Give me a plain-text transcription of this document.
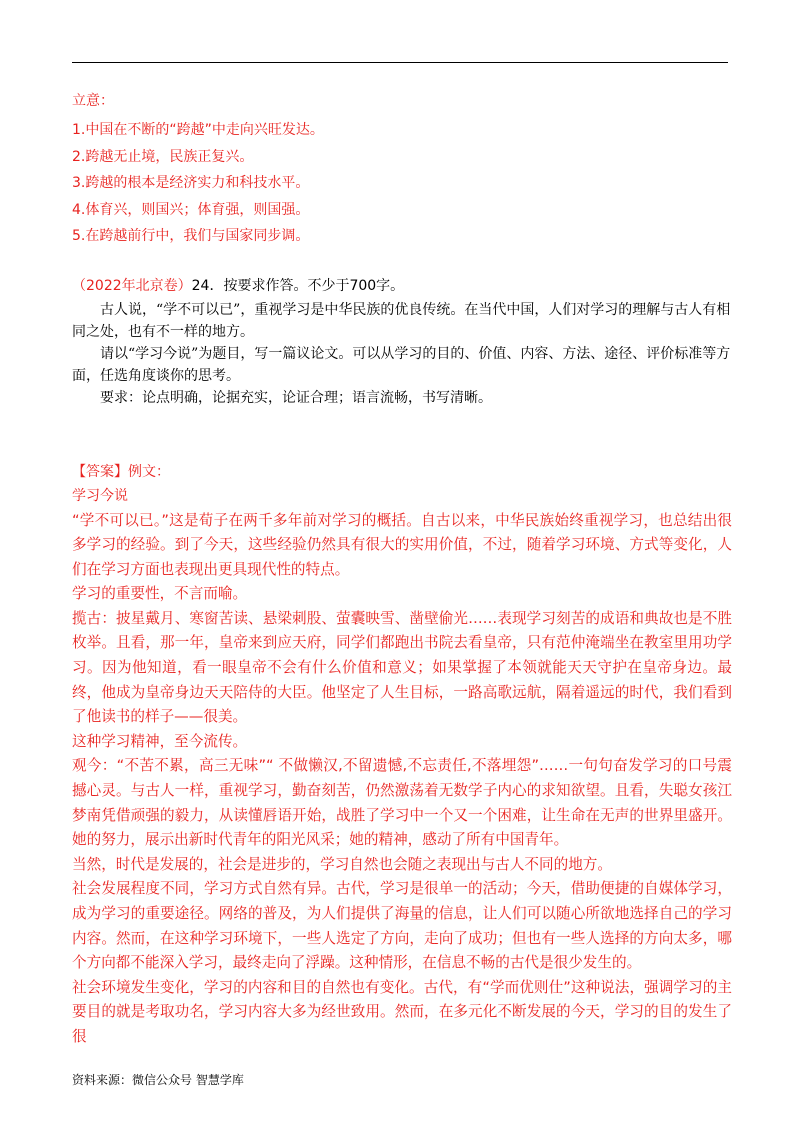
立意：
1.中国在不断的“跨越”中走向兴旺发达。
2.跨越无止境，民族正复兴。
3.跨越的根本是经济实力和科技水平。
4.体育兴，则国兴；体育强，则国强。
5.在跨越前行中，我们与国家同步调。
（2022年北京卷）24．按要求作答。不少于700字。
古人说，“学不可以已”，重视学习是中华民族的优良传统。在当代中国，人们对学习的理解与古人有相同之处，也有不一样的地方。
请以“学习今说”为题目，写一篇议论文。可以从学习的目的、价值、内容、方法、途径、评价标准等方面，任选角度谈你的思考。
要求：论点明确，论据充实，论证合理；语言流畅，书写清晰。
【答案】例文：
学习今说
“学不可以已。”这是荀子在两千多年前对学习的概括。自古以来，中华民族始终重视学习，也总结出很多学习的经验。到了今天，这些经验仍然具有很大的实用价值，不过，随着学习环境、方式等变化，人们在学习方面也表现出更具现代性的特点。
学习的重要性，不言而喻。
揽古：披星戴月、寒窗苦读、悬梁刺股、萤囊映雪、凿壁偷光……表现学习刻苦的成语和典故也是不胜枚举。且看，那一年，皇帝来到应天府，同学们都跑出书院去看皇帝，只有范仲淹端坐在教室里用功学习。因为他知道，看一眼皇帝不会有什么价值和意义；如果掌握了本领就能天天守护在皇帝身边。最终，他成为皇帝身边天天陪侍的大臣。他坚定了人生目标，一路高歌远航，隔着遥远的时代，我们看到了他读书的样子——很美。
这种学习精神，至今流传。
观今：“不苦不累，高三无味”“ 不做懒汉,不留遗憾,不忘责任,不落埋怨”……一句句奋发学习的口号震撼心灵。与古人一样，重视学习，勤奋刻苦，仍然激荡着无数学子内心的求知欲望。且看，失聪女孩江梦南凭借顽强的毅力，从读懂唇语开始，战胜了学习中一个又一个困难，让生命在无声的世界里盛开。她的努力，展示出新时代青年的阳光风采；她的精神，感动了所有中国青年。
当然，时代是发展的，社会是进步的，学习自然也会随之表现出与古人不同的地方。
社会发展程度不同，学习方式自然有异。古代，学习是很单一的活动；今天，借助便捷的自媒体学习，成为学习的重要途径。网络的普及，为人们提供了海量的信息，让人们可以随心所欲地选择自己的学习内容。然而，在这种学习环境下，一些人选定了方向，走向了成功；但也有一些人选择的方向太多，哪个方向都不能深入学习，最终走向了浮躁。这种情形，在信息不畅的古代是很少发生的。
社会环境发生变化，学习的内容和目的自然也有变化。古代，有“学而优则仕”这种说法，强调学习的主要目的就是考取功名，学习内容大多为经世致用。然而，在多元化不断发展的今天，学习的目的发生了很
资料来源：微信公众号 智慧学库
